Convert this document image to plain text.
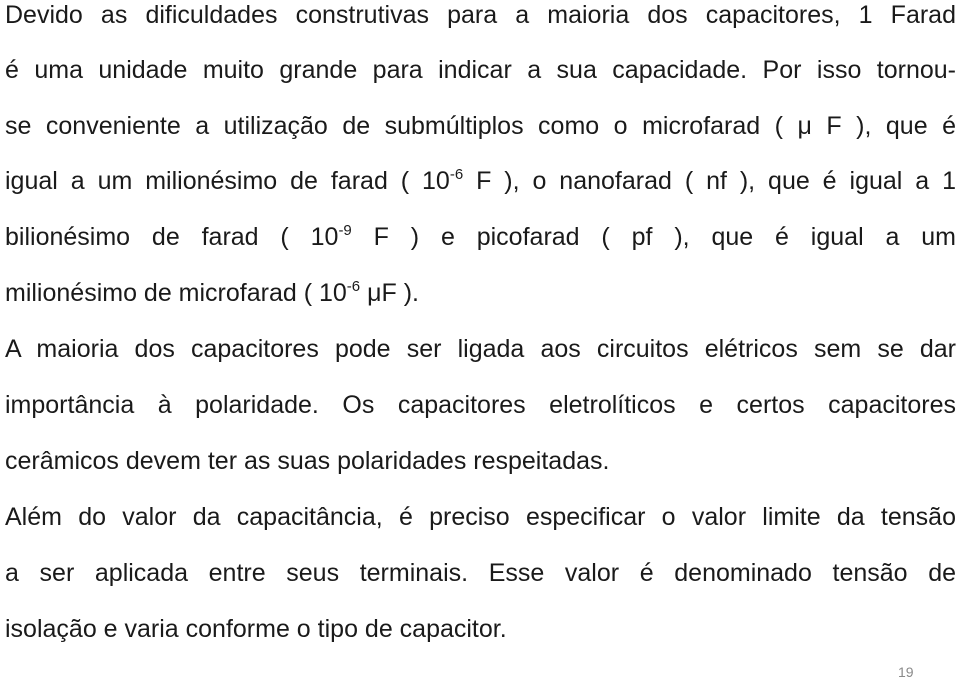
Devido as dificuldades construtivas para a maioria dos capacitores, 1 Farad
é uma unidade muito grande para indicar a sua capacidade. Por isso tornou-
se conveniente a utilização de submúltiplos como o microfarad ( μ F ), que é
igual a um milionésimo de farad ( $10^{-6}$ F ), o nanofarad ( nf ), que é igual a 1
bilionésimo de farad ( $10^{-9}$ F ) e picofarad ( pf ), que é igual a um
milionésimo de microfarad ( $10^{-6}$ μF ).
A maioria dos capacitores pode ser ligada aos circuitos elétricos sem se dar
importância à polaridade. Os capacitores eletrolíticos e certos capacitores
cerâmicos devem ter as suas polaridades respeitadas.
Além do valor da capacitância, é preciso especificar o valor limite da tensão
a ser aplicada entre seus terminais. Esse valor é denominado tensão de
isolação e varia conforme o tipo de capacitor.
19
